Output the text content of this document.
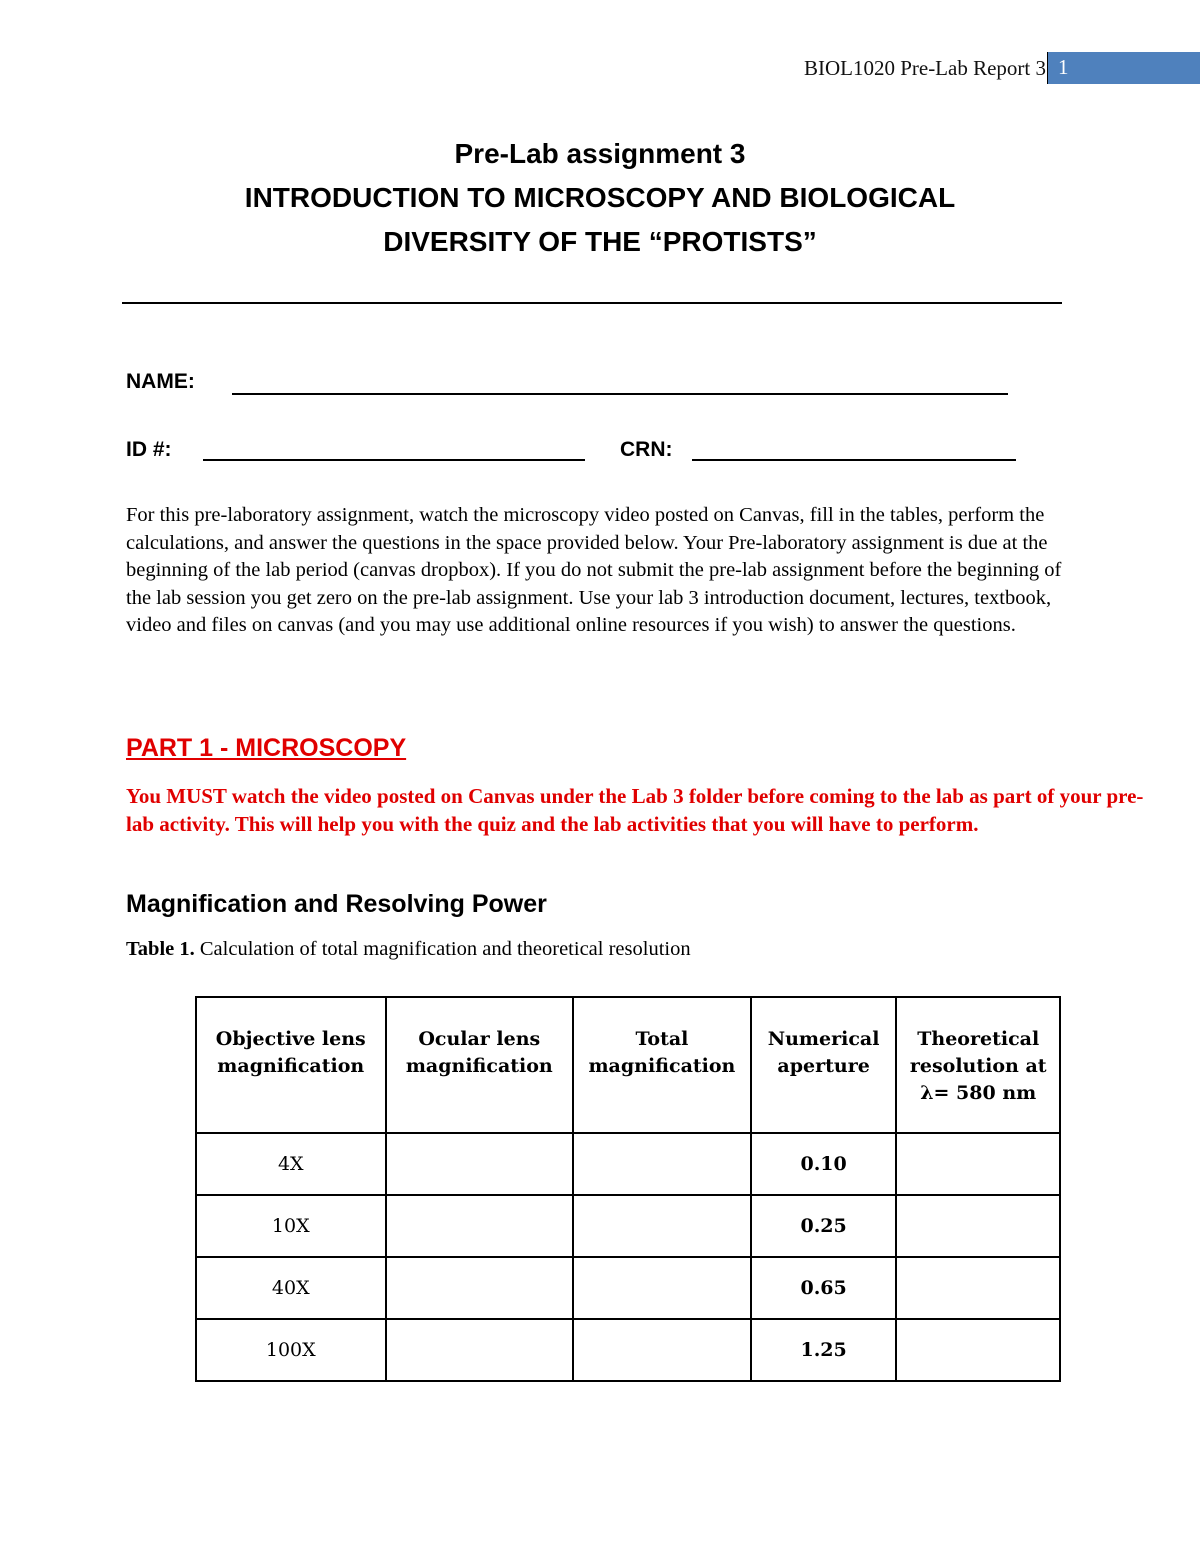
BIOL1020 Pre-Lab Report 3 1
Pre-Lab assignment 3
INTRODUCTION TO MICROSCOPY AND BIOLOGICAL
DIVERSITY OF THE “PROTISTS”
NAME:
ID #:	CRN:
For this pre-laboratory assignment, watch the microscopy video posted on Canvas, fill in the tables, perform the calculations, and answer the questions in the space provided below. Your Pre-laboratory assignment is due at the beginning of the lab period (canvas dropbox). If you do not submit the pre-lab assignment before the beginning of the lab session you get zero on the pre-lab assignment. Use your lab 3 introduction document, lectures, textbook, video and files on canvas (and you may use additional online resources if you wish) to answer the questions.
PART 1 - MICROSCOPY
You MUST watch the video posted on Canvas under the Lab 3 folder before coming to the lab as part of your pre-lab activity. This will help you with the quiz and the lab activities that you will have to perform.
Magnification and Resolving Power
Table 1. Calculation of total magnification and theoretical resolution
Objective lens magnification	Ocular lens magnification	Total magnification	Numerical aperture	Theoretical resolution at λ= 580 nm
4X			0.10	
10X			0.25	
40X			0.65	
100X			1.25	
